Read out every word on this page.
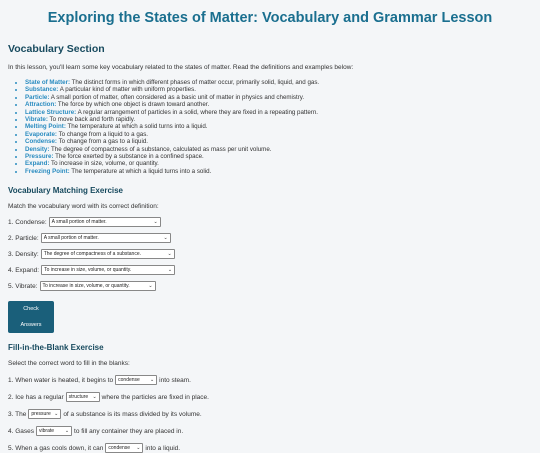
Exploring the States of Matter: Vocabulary and Grammar Lesson
Vocabulary Section

In this lesson, you'll learn some key vocabulary related to the states of matter. Read the definitions and examples below:

• State of Matter: The distinct forms in which different phases of matter occur, primarily solid, liquid, and gas.
• Substance: A particular kind of matter with uniform properties.
• Particle: A small portion of matter, often considered as a basic unit of matter in physics and chemistry.
• Attraction: The force by which one object is drawn toward another.
• Lattice Structure: A regular arrangement of particles in a solid, where they are fixed in a repeating pattern.
• Vibrate: To move back and forth rapidly.
• Melting Point: The temperature at which a solid turns into a liquid.
• Evaporate: To change from a liquid to a gas.
• Condense: To change from a gas to a liquid.
• Density: The degree of compactness of a substance, calculated as mass per unit volume.
• Pressure: The force exerted by a substance in a confined space.
• Expand: To increase in size, volume, or quantity.
• Freezing Point: The temperature at which a liquid turns into a solid.
Vocabulary Matching Exercise

Match the vocabulary word with its correct definition:

1. Condense: A small portion of matter.	⌄
2. Particle: A small portion of matter.	⌄
3. Density: The degree of compactness of a substance.	⌄
4. Expand: To increase in size, volume, or quantity.	⌄
5. Vibrate: To increase in size, volume, or quantity.	⌄
Check Answers
Fill-in-the-Blank Exercise

Select the correct word to fill in the blanks:

1. When water is heated, it begins to condense ⌄ into steam.
2. Ice has a regular structure ⌄ where the particles are fixed in place.
3. The pressure ⌄ of a substance is its mass divided by its volume.
4. Gases vibrate ⌄ to fill any container they are placed in.
5. When a gas cools down, it can condense ⌄ into a liquid.
